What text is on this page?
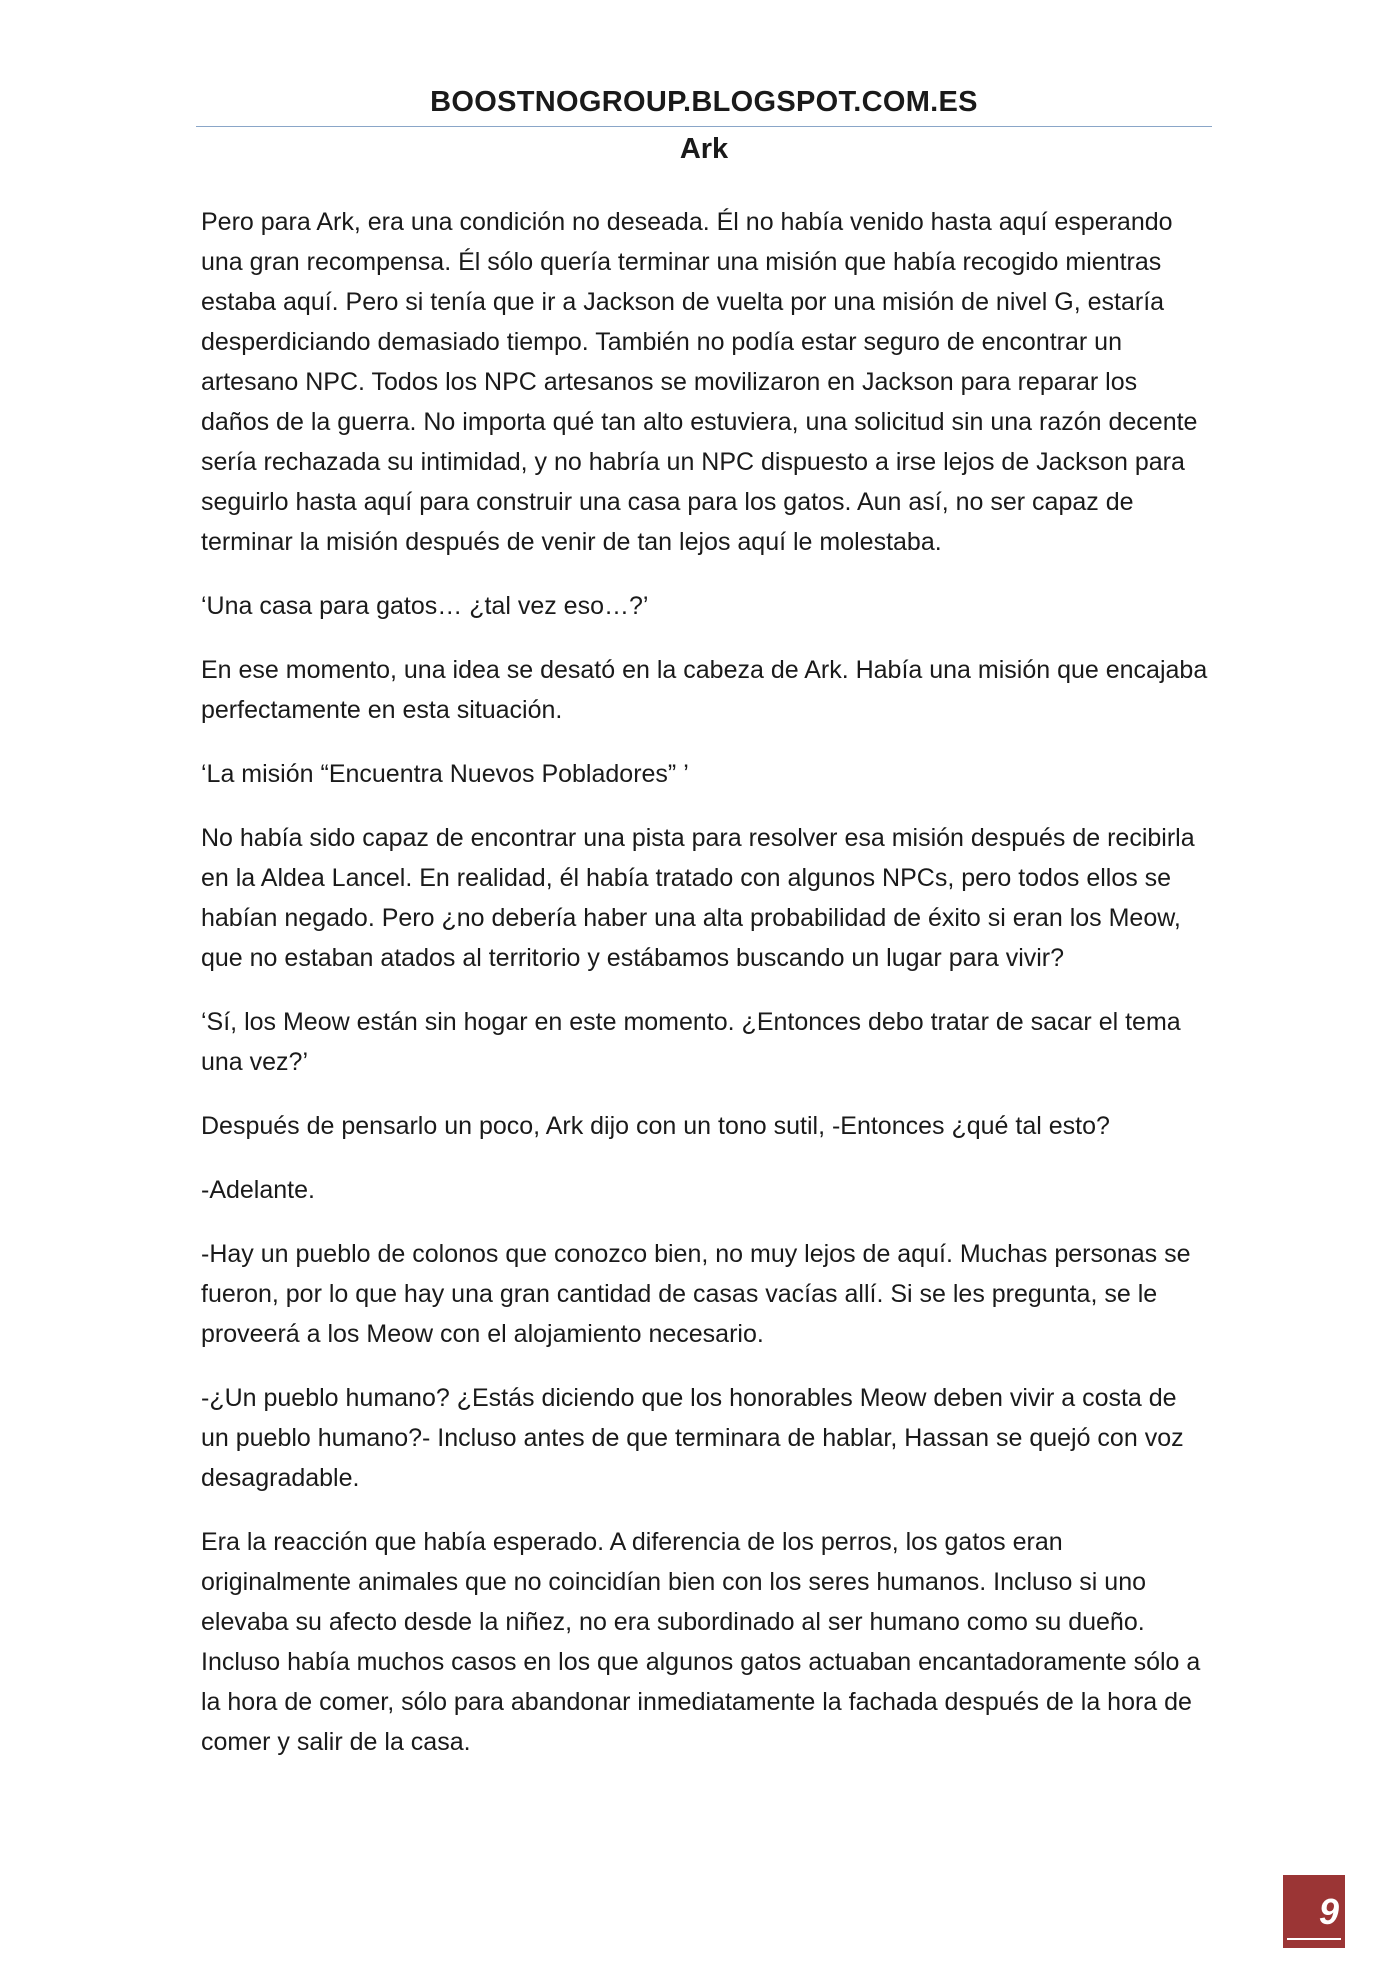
BOOSTNOGROUP.BLOGSPOT.COM.ES
Ark

Pero para Ark, era una condición no deseada. Él no había venido hasta aquí esperando una gran recompensa. Él sólo quería terminar una misión que había recogido mientras estaba aquí. Pero si tenía que ir a Jackson de vuelta por una misión de nivel G, estaría desperdiciando demasiado tiempo. También no podía estar seguro de encontrar un artesano NPC. Todos los NPC artesanos se movilizaron en Jackson para reparar los daños de la guerra. No importa qué tan alto estuviera, una solicitud sin una razón decente sería rechazada su intimidad, y no habría un NPC dispuesto a irse lejos de Jackson para seguirlo hasta aquí para construir una casa para los gatos. Aun así, no ser capaz de terminar la misión después de venir de tan lejos aquí le molestaba.

‘Una casa para gatos… ¿tal vez eso…?’

En ese momento, una idea se desató en la cabeza de Ark. Había una misión que encajaba perfectamente en esta situación.

‘La misión “Encuentra Nuevos Pobladores” ’

No había sido capaz de encontrar una pista para resolver esa misión después de recibirla en la Aldea Lancel. En realidad, él había tratado con algunos NPCs, pero todos ellos se habían negado. Pero ¿no debería haber una alta probabilidad de éxito si eran los Meow, que no estaban atados al territorio y estábamos buscando un lugar para vivir?

‘Sí, los Meow están sin hogar en este momento. ¿Entonces debo tratar de sacar el tema una vez?’

Después de pensarlo un poco, Ark dijo con un tono sutil, -Entonces ¿qué tal esto?

-Adelante.

-Hay un pueblo de colonos que conozco bien, no muy lejos de aquí. Muchas personas se fueron, por lo que hay una gran cantidad de casas vacías allí. Si se les pregunta, se le proveerá a los Meow con el alojamiento necesario.

-¿Un pueblo humano? ¿Estás diciendo que los honorables Meow deben vivir a costa de un pueblo humano?- Incluso antes de que terminara de hablar, Hassan se quejó con voz desagradable.

Era la reacción que había esperado. A diferencia de los perros, los gatos eran originalmente animales que no coincidían bien con los seres humanos. Incluso si uno elevaba su afecto desde la niñez, no era subordinado al ser humano como su dueño. Incluso había muchos casos en los que algunos gatos actuaban encantadoramente sólo a la hora de comer, sólo para abandonar inmediatamente la fachada después de la hora de comer y salir de la casa.

9
